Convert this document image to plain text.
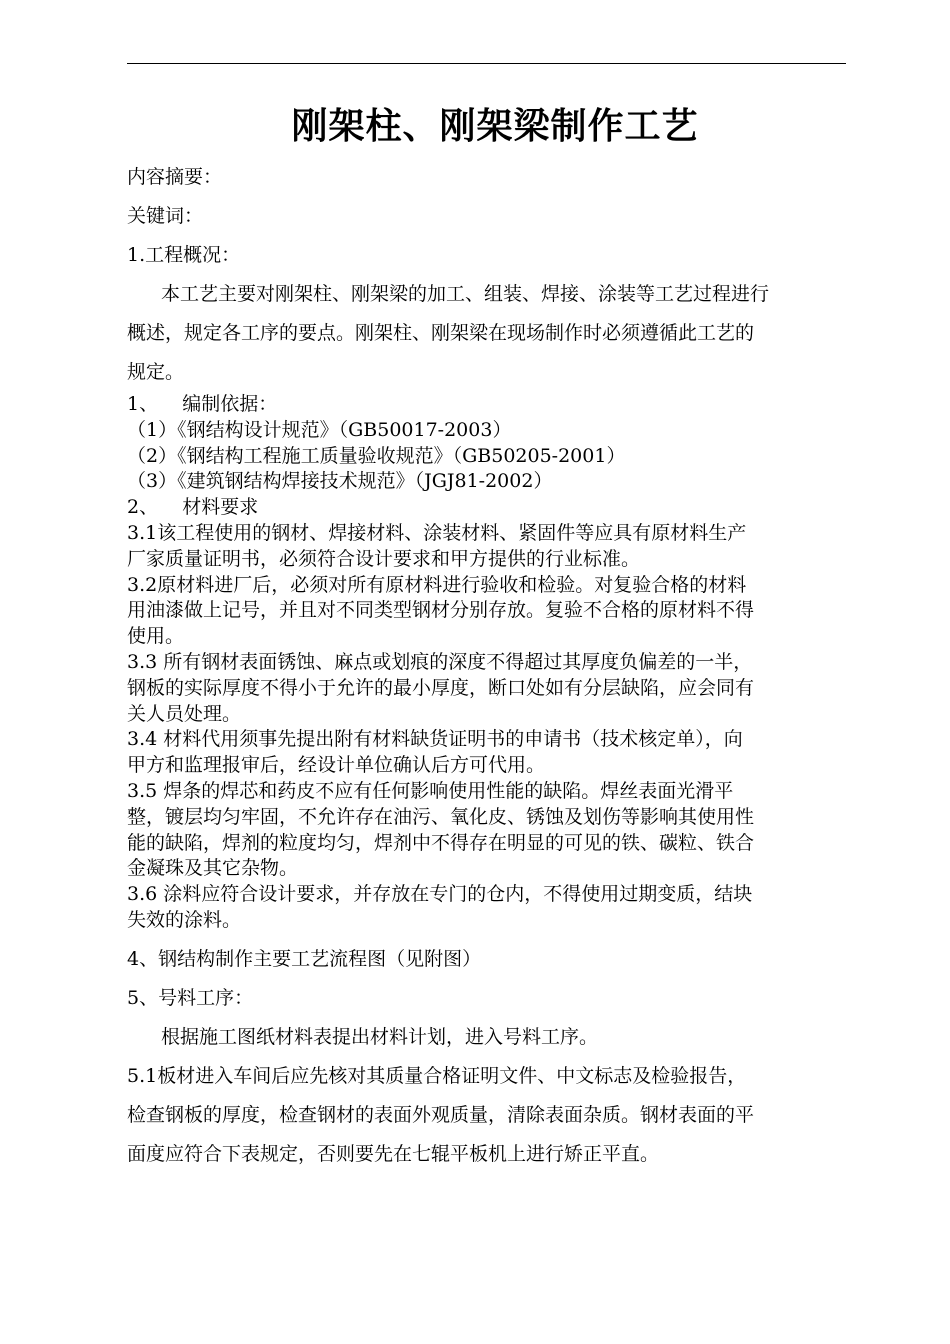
刚架柱、刚架梁制作工艺

内容摘要：

关键词：

1.工程概况：

本工艺主要对刚架柱、刚架梁的加工、组装、焊接、涂装等工艺过程进行
概述，规定各工序的要点。刚架柱、刚架梁在现场制作时必须遵循此工艺的
规定。
1、    编制依据：
（1）《钢结构设计规范》（GB50017-2003）
（2）《钢结构工程施工质量验收规范》（GB50205-2001）
（3）《建筑钢结构焊接技术规范》（JGJ81-2002）
2、    材料要求
3.1该工程使用的钢材、焊接材料、涂装材料、紧固件等应具有原材料生产
厂家质量证明书，必须符合设计要求和甲方提供的行业标准。
3.2原材料进厂后，必须对所有原材料进行验收和检验。对复验合格的材料
用油漆做上记号，并且对不同类型钢材分别存放。复验不合格的原材料不得
使用。
3.3 所有钢材表面锈蚀、麻点或划痕的深度不得超过其厚度负偏差的一半，
钢板的实际厚度不得小于允许的最小厚度，断口处如有分层缺陷，应会同有
关人员处理。
3.4 材料代用须事先提出附有材料缺货证明书的申请书（技术核定单），向
甲方和监理报审后，经设计单位确认后方可代用。
3.5 焊条的焊芯和药皮不应有任何影响使用性能的缺陷。焊丝表面光滑平
整，镀层均匀牢固，不允许存在油污、氧化皮、锈蚀及划伤等影响其使用性
能的缺陷，焊剂的粒度均匀，焊剂中不得存在明显的可见的铁、碳粒、铁合
金凝珠及其它杂物。
3.6 涂料应符合设计要求，并存放在专门的仓内，不得使用过期变质，结块
失效的涂料。

4、钢结构制作主要工艺流程图（见附图）

5、号料工序：

根据施工图纸材料表提出材料计划，进入号料工序。

5.1板材进入车间后应先核对其质量合格证明文件、中文标志及检验报告，
检查钢板的厚度，检查钢材的表面外观质量，清除表面杂质。钢材表面的平
面度应符合下表规定，否则要先在七辊平板机上进行矫正平直。
